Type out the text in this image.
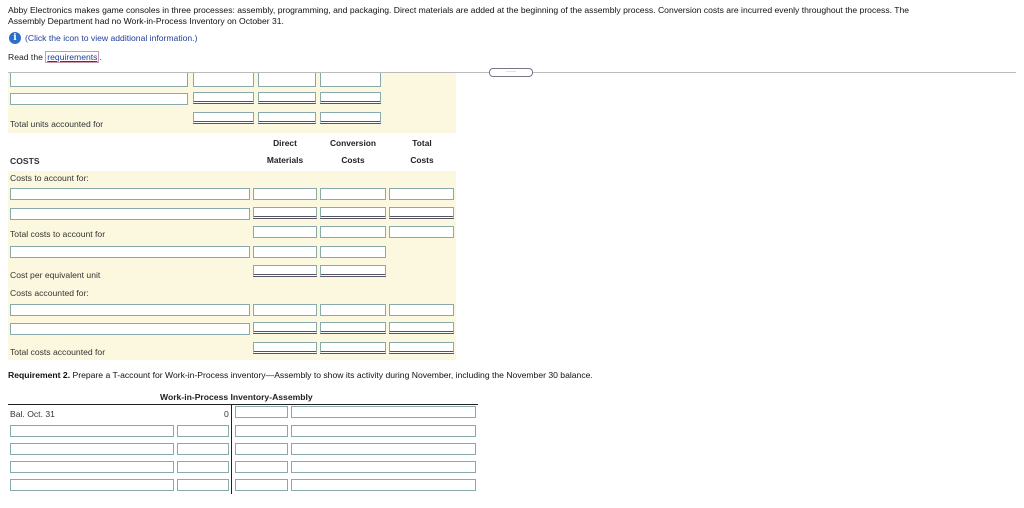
Abby Electronics makes game consoles in three processes: assembly, programming, and packaging. Direct materials are added at the beginning of the assembly process. Conversion costs are incurred evenly throughout the process. The
Assembly Department had no Work-in-Process Inventory on October 31.
i (Click the icon to view additional information.)
Read the requirements .
·····
Total units accounted for
Direct
Materials
Conversion
Costs
Total
Costs
COSTS
Costs to account for:
Total costs to account for
Cost per equivalent unit
Costs accounted for:
Total costs accounted for
Requirement 2. Prepare a T-account for Work-in-Process inventory—Assembly to show its activity during November, including the November 30 balance.
Work-in-Process Inventory-Assembly
Bal. Oct. 31	0
